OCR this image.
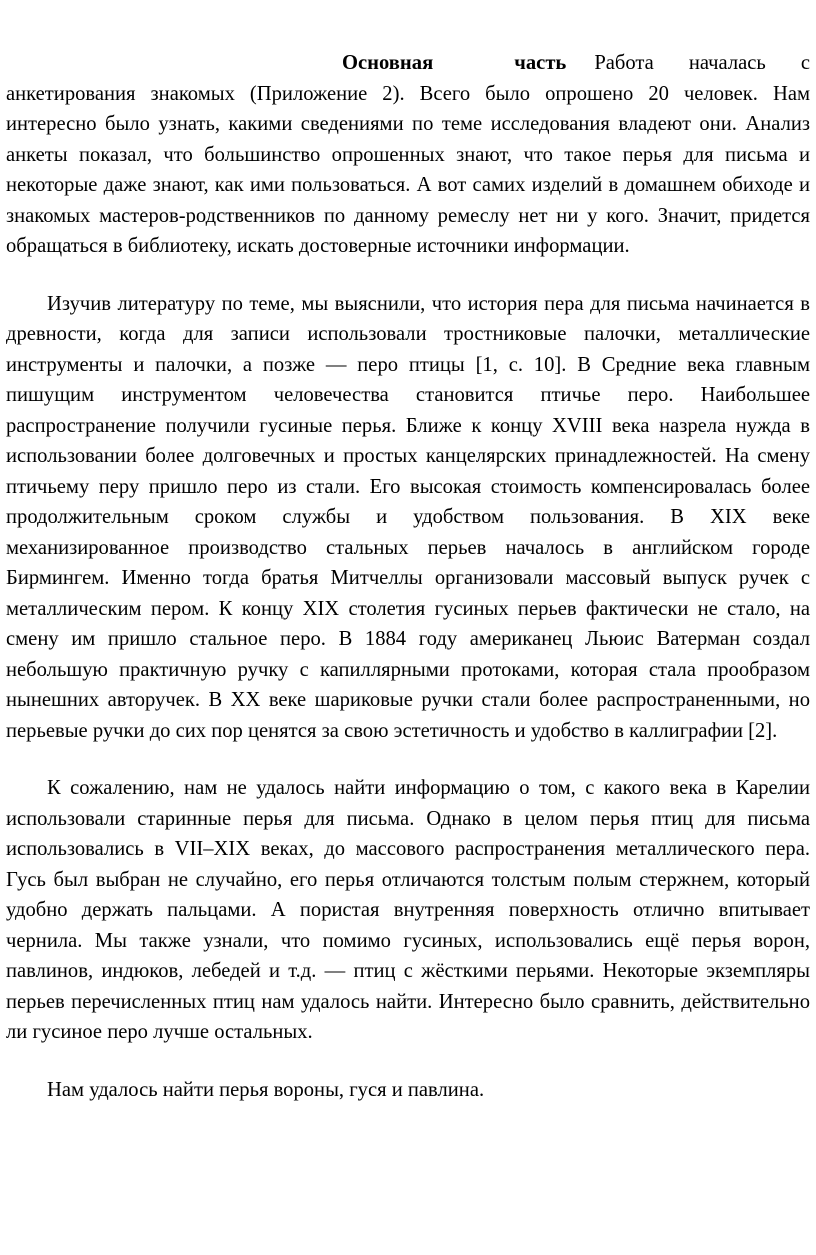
Основная часть Работа началась с анкетирования знакомых (Приложение 2). Всего было опрошено 20 человек. Нам интересно было узнать, какими сведениями по теме исследования владеют они. Анализ анкеты показал, что большинство опрошенных знают, что такое перья для письма и некоторые даже знают, как ими пользоваться. А вот самих изделий в домашнем обиходе и знакомых мастеров-родственников по данному ремеслу нет ни у кого. Значит, придется обращаться в библиотеку, искать достоверные источники информации.

Изучив литературу по теме, мы выяснили, что история пера для письма начинается в древности, когда для записи использовали тростниковые палочки, металлические инструменты и палочки, а позже — перо птицы [1, с. 10]. В Средние века главным пишущим инструментом человечества становится птичье перо. Наибольшее распространение получили гусиные перья. Ближе к концу XVIII века назрела нужда в использовании более долговечных и простых канцелярских принадлежностей. На смену птичьему перу пришло перо из стали. Его высокая стоимость компенсировалась более продолжительным сроком службы и удобством пользования. В XIX веке механизированное производство стальных перьев началось в английском городе Бирмингем. Именно тогда братья Митчеллы организовали массовый выпуск ручек с металлическим пером. К концу XIX столетия гусиных перьев фактически не стало, на смену им пришло стальное перо. В 1884 году американец Льюис Ватерман создал небольшую практичную ручку с капиллярными протоками, которая стала прообразом нынешних авторучек. В XX веке шариковые ручки стали более распространенными, но перьевые ручки до сих пор ценятся за свою эстетичность и удобство в каллиграфии [2].

К сожалению, нам не удалось найти информацию о том, с какого века в Карелии использовали старинные перья для письма. Однако в целом перья птиц для письма использовались в VII–XIX веках, до массового распространения металлического пера. Гусь был выбран не случайно, его перья отличаются толстым полым стержнем, который удобно держать пальцами. А пористая внутренняя поверхность отлично впитывает чернила. Мы также узнали, что помимо гусиных, использовались ещё перья ворон, павлинов, индюков, лебедей и т.д. — птиц с жёсткими перьями. Некоторые экземпляры перьев перечисленных птиц нам удалось найти. Интересно было сравнить, действительно ли гусиное перо лучше остальных.

Нам удалось найти перья вороны, гуся и павлина.
